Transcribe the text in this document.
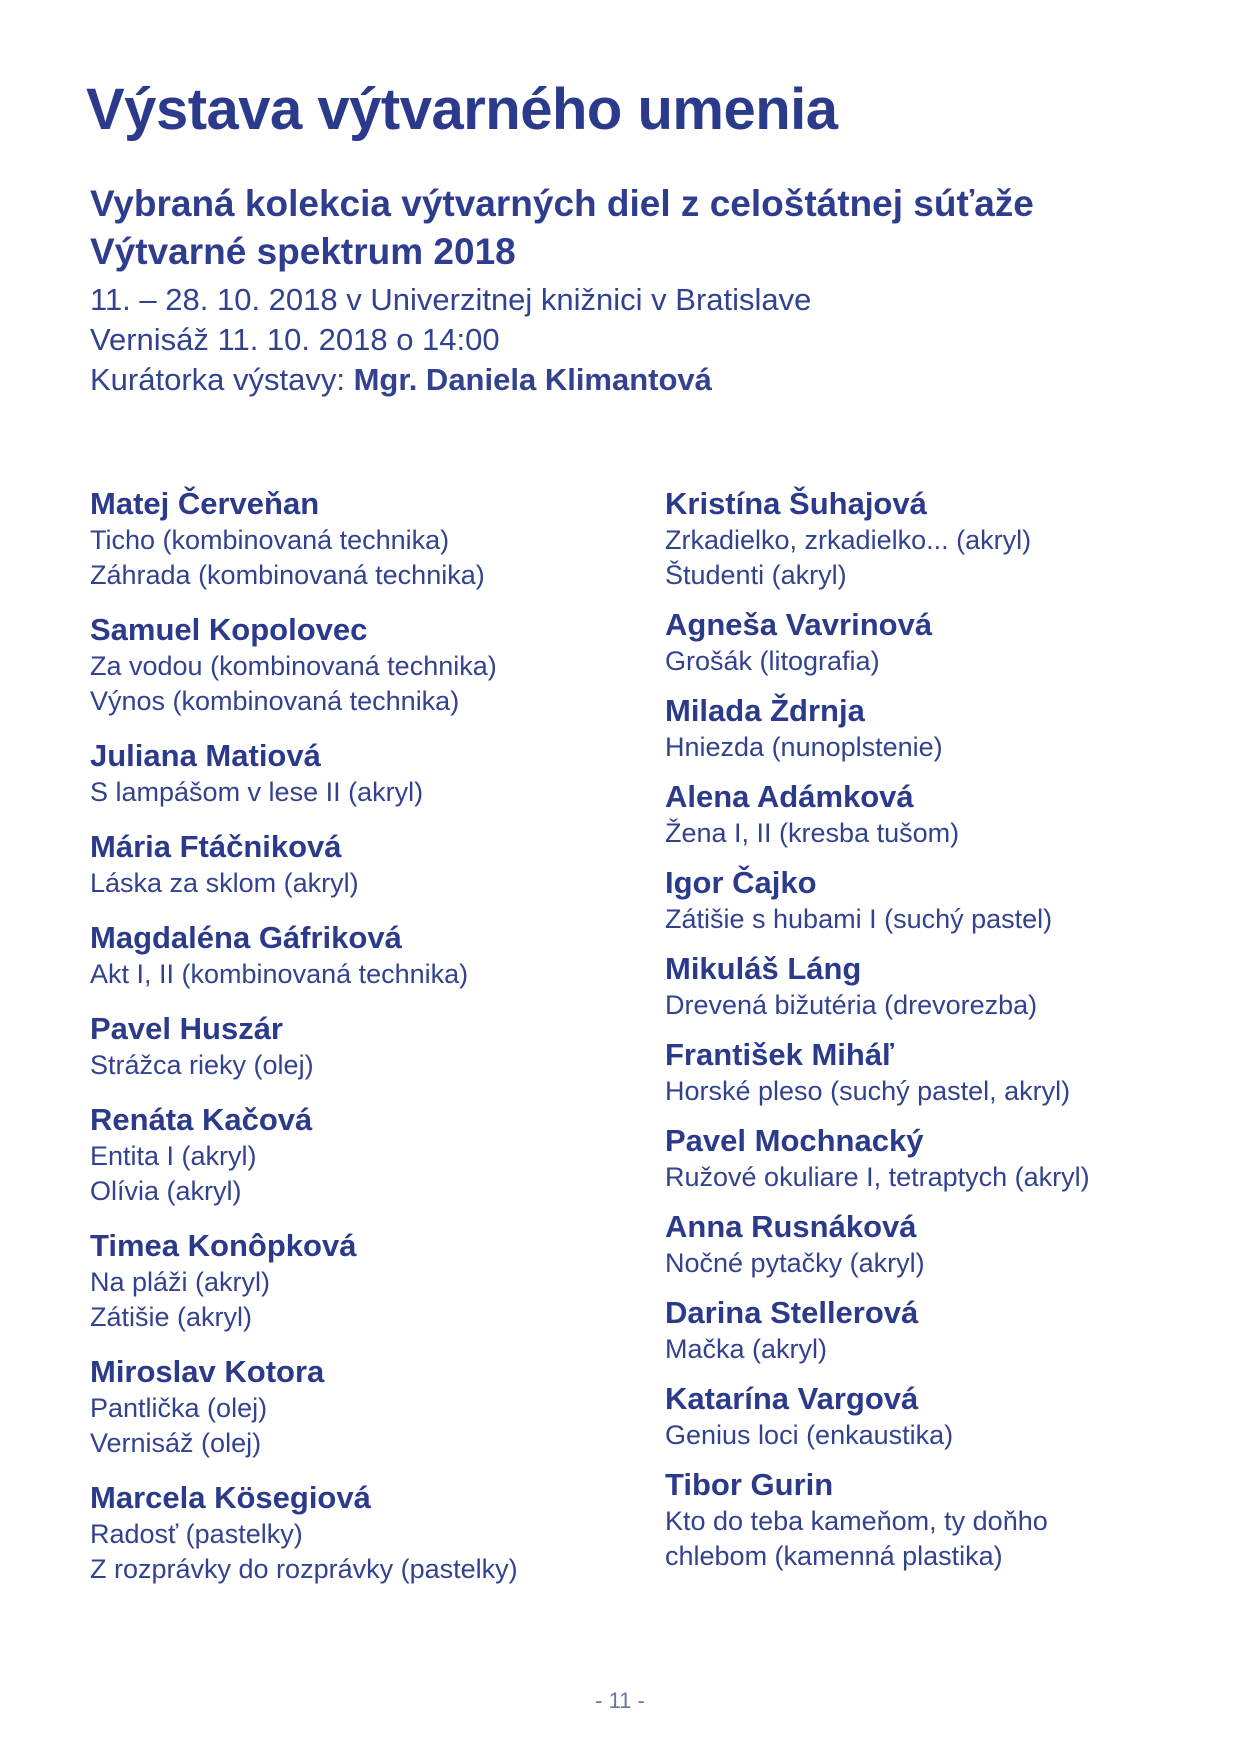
Výstava výtvarného umenia
Vybraná kolekcia výtvarných diel z celoštátnej súťaže
Výtvarné spektrum 2018
11. – 28. 10. 2018 v Univerzitnej knižnici v Bratislave
Vernisáž 11. 10. 2018 o 14:00
Kurátorka výstavy: Mgr. Daniela Klimantová
Matej Červeňan
Ticho (kombinovaná technika)
Záhrada (kombinovaná technika)
Samuel Kopolovec
Za vodou (kombinovaná technika)
Výnos (kombinovaná technika)
Juliana Matiová
S lampášom v lese II (akryl)
Mária Ftáčniková
Láska za sklom (akryl)
Magdaléna Gáfriková
Akt I, II (kombinovaná technika)
Pavel Huszár
Strážca rieky (olej)
Renáta Kačová
Entita I (akryl)
Olívia (akryl)
Timea Konôpková
Na pláži (akryl)
Zátišie (akryl)
Miroslav Kotora
Pantlička (olej)
Vernisáž (olej)
Marcela Kösegiová
Radosť (pastelky)
Z rozprávky do rozprávky (pastelky)
Kristína Šuhajová
Zrkadielko, zrkadielko... (akryl)
Študenti (akryl)
Agneša Vavrinová
Grošák (litografia)
Milada Ždrnja
Hniezda (nunoplstenie)
Alena Adámková
Žena I, II (kresba tušom)
Igor Čajko
Zátišie s hubami I (suchý pastel)
Mikuláš Láng
Drevená bižutéria (drevorezba)
František Miháľ
Horské pleso (suchý pastel, akryl)
Pavel Mochnacký
Ružové okuliare I, tetraptych (akryl)
Anna Rusnáková
Nočné pytačky (akryl)
Darina Stellerová
Mačka (akryl)
Katarína Vargová
Genius loci (enkaustika)
Tibor Gurin
Kto do teba kameňom, ty doňho
chlebom (kamenná plastika)
- 11 -
